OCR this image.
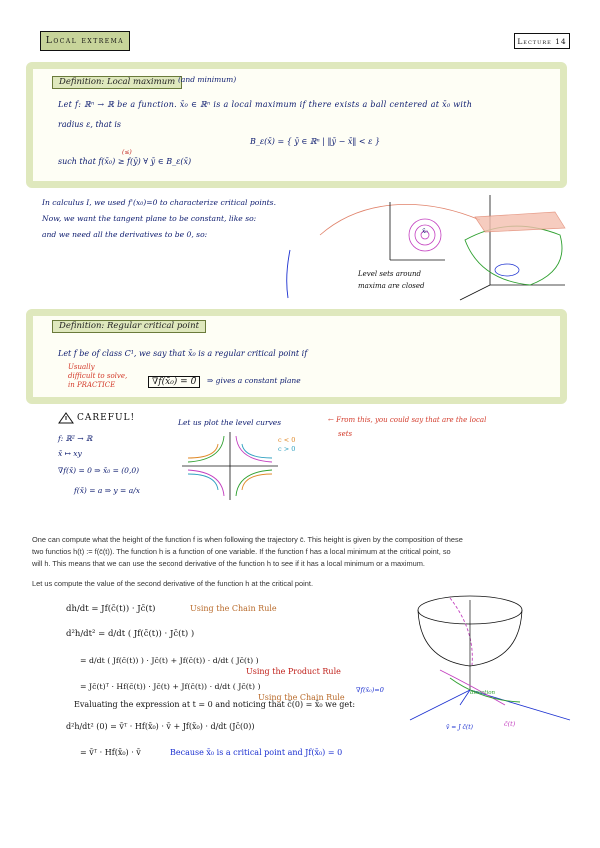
Local extrema	Lecture 14
Definition: Local maximum (and minimum)
Let f: ℝⁿ → ℝ be a function. x̄₀ ∈ ℝⁿ is a local maximum if there exists a ball centered at x̄₀ with
radius ε, that is
B_ε(x̄) = { ȳ ∈ ℝⁿ | ‖ȳ − x̄‖ < ε }
(≤)
such that f(x̄₀) ≥ f(ȳ) ∀ ȳ ∈ B_ε(x̄)
In calculus I, we used f'(x₀)=0 to characterize critical points.
Now, we want the tangent plane to be constant, like so:
and we need all the derivatives to be 0, so:	x̄₀
Level sets around
maxima are closed
Definition: Regular critical point
Let f be of class C¹, we say that x̄₀ is a regular critical point if
∇f(x̄₀) = 0̄	⇒ gives a constant plane
Usually
difficult to solve,
in PRACTICE
CAREFUL!
f: ℝ² → ℝ
x̄ ↦ xy
∇f(x̄) = 0 ⇒ x̄₀ = (0,0)
f(x̄) = a ⇒ y = a/x
Let us plot the level curves
c < 0
c > 0
← From this, you could say that are the local
sets
One can compute what the height of the function f is when following the trajectory c̄. This height is given by the composition of these
two functios h(t) := f(c̄(t)). The function h is a function of one variable. If the function f has a local minimum at the critical point, so
will h. This means that we can use the second derivative of the function h to see if it has a local minimum or a maximum.
Let us compute the value of the second derivative of the function h at the critical point.
dh/dt = Jf(c̄(t)) · Jc̄(t)	Using the Chain Rule
d²h/dt² = d/dt ( Jf(c̄(t)) · Jc̄(t) )
= d/dt ( Jf(c̄(t)) ) · Jc̄(t) + Jf(c̄(t)) · d/dt ( Jc̄(t) )
Using the Product Rule
= Jc̄(t)ᵀ · Hf(c̄(t)) · Jc̄(t) + Jf(c̄(t)) · d/dt ( Jc̄(t) )
Using the Chain Rule
Evaluating the expression at t = 0 and noticing that c̄(0) = x̄₀ we get:
d²h/dt² (0) = v̄ᵀ · Hf(x̄₀) · v̄ + Jf(x̄₀) · d/dt (Jc̄(0))
= v̄ᵀ · Hf(x̄₀) · v̄	Because x̄₀ is a critical point and Jf(x̄₀) = 0
∇f(x̄₀)=0
v̄ = J c̄(t)	c̄(t)
direction
